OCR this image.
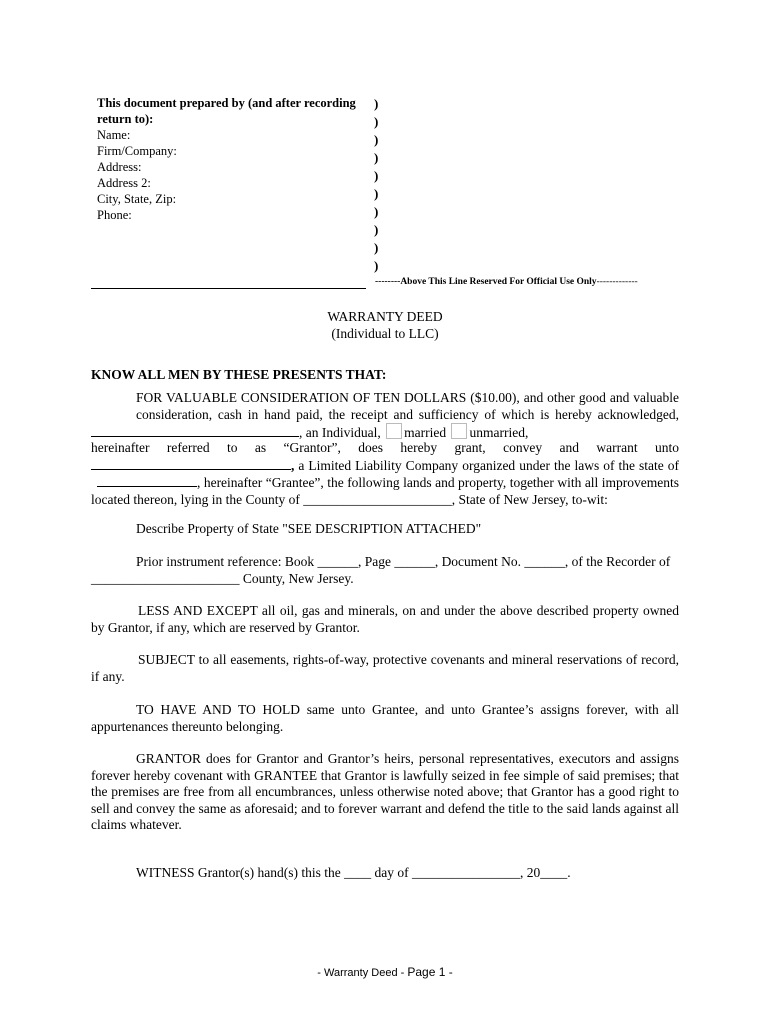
This document prepared by (and after recording
return to):
Name:
Firm/Company:
Address:
Address 2:
City, State, Zip:
Phone:
)
)
)
)
)
)
)
)
)
)
--------Above This Line Reserved For Official Use Only-------------
WARRANTY DEED
(Individual to LLC)
KNOW ALL MEN BY THESE PRESENTS THAT:
FOR VALUABLE CONSIDERATION OF TEN DOLLARS ($10.00), and other good and valuable consideration, cash in hand paid, the receipt and sufficiency of which is hereby acknowledged,
, an Individual, married unmarried,
hereinafter referred to as “Grantor”, does hereby grant, convey and warrant unto , a Limited Liability Company organized under the laws of the state of , hereinafter “Grantee”, the following lands and property, together with all improvements located thereon, lying in the County of ______________________, State of New Jersey, to-wit:
Describe Property of State "SEE DESCRIPTION ATTACHED"
Prior instrument reference: Book ______, Page ______, Document No. ______, of the Recorder of
______________________ County, New Jersey.
LESS AND EXCEPT all oil, gas and minerals, on and under the above described property owned by Grantor, if any, which are reserved by Grantor.
SUBJECT to all easements, rights-of-way, protective covenants and mineral reservations of record, if any.
TO HAVE AND TO HOLD same unto Grantee, and unto Grantee’s assigns forever, with all appurtenances thereunto belonging.
GRANTOR does for Grantor and Grantor’s heirs, personal representatives, executors and assigns forever hereby covenant with GRANTEE that Grantor is lawfully seized in fee simple of said premises; that the premises are free from all encumbrances, unless otherwise noted above; that Grantor has a good right to sell and convey the same as aforesaid; and to forever warrant and defend the title to the said lands against all claims whatever.
WITNESS Grantor(s) hand(s) this the ____ day of ________________, 20____.
- Warranty Deed - Page 1 -
